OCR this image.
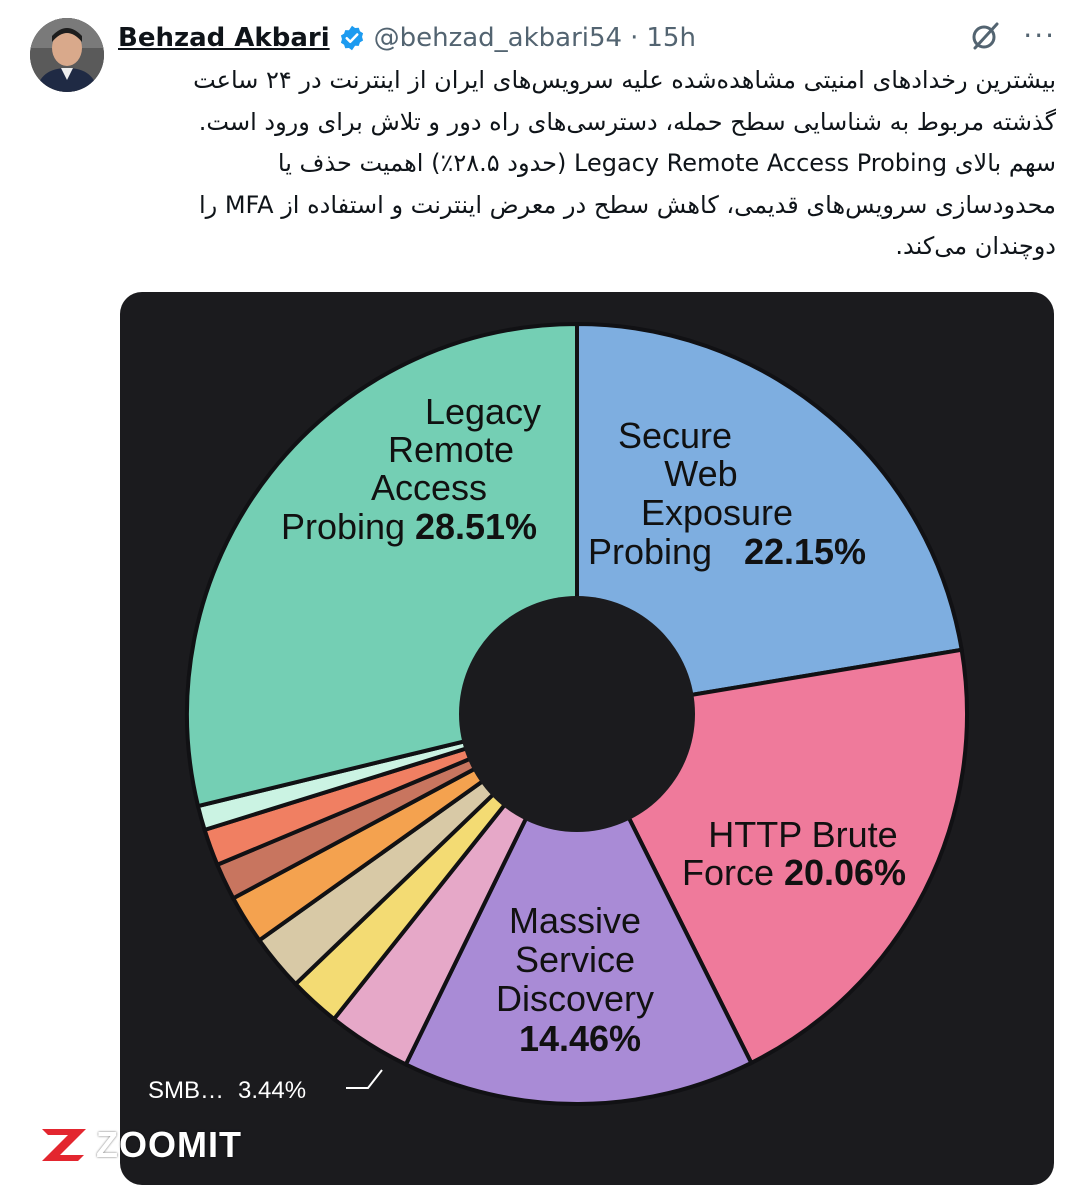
Behzad Akbari @behzad_akbari54 · 15h	···
بیشترین رخدادهای امنیتی مشاهده‌شده علیه سرویس‌های ایران از اینترنت در ۲۴ ساعت
گذشته مربوط به شناسایی سطح حمله، دسترسی‌های راه دور و تلاش برای ورود است.
سهم بالای Legacy Remote Access Probing (حدود ۲۸.۵٪) اهمیت حذف یا
محدودسازی سرویس‌های قدیمی، کاهش سطح در معرض اینترنت و استفاده از MFA را
دوچندان می‌کند.
Secure Web Exposure Probing 22.15%
HTTP Brute Force 20.06%
Massive Service Discovery 14.46%
Legacy Remote Access Probing 28.51%
SMB… 3.44%
ZOOMIT
